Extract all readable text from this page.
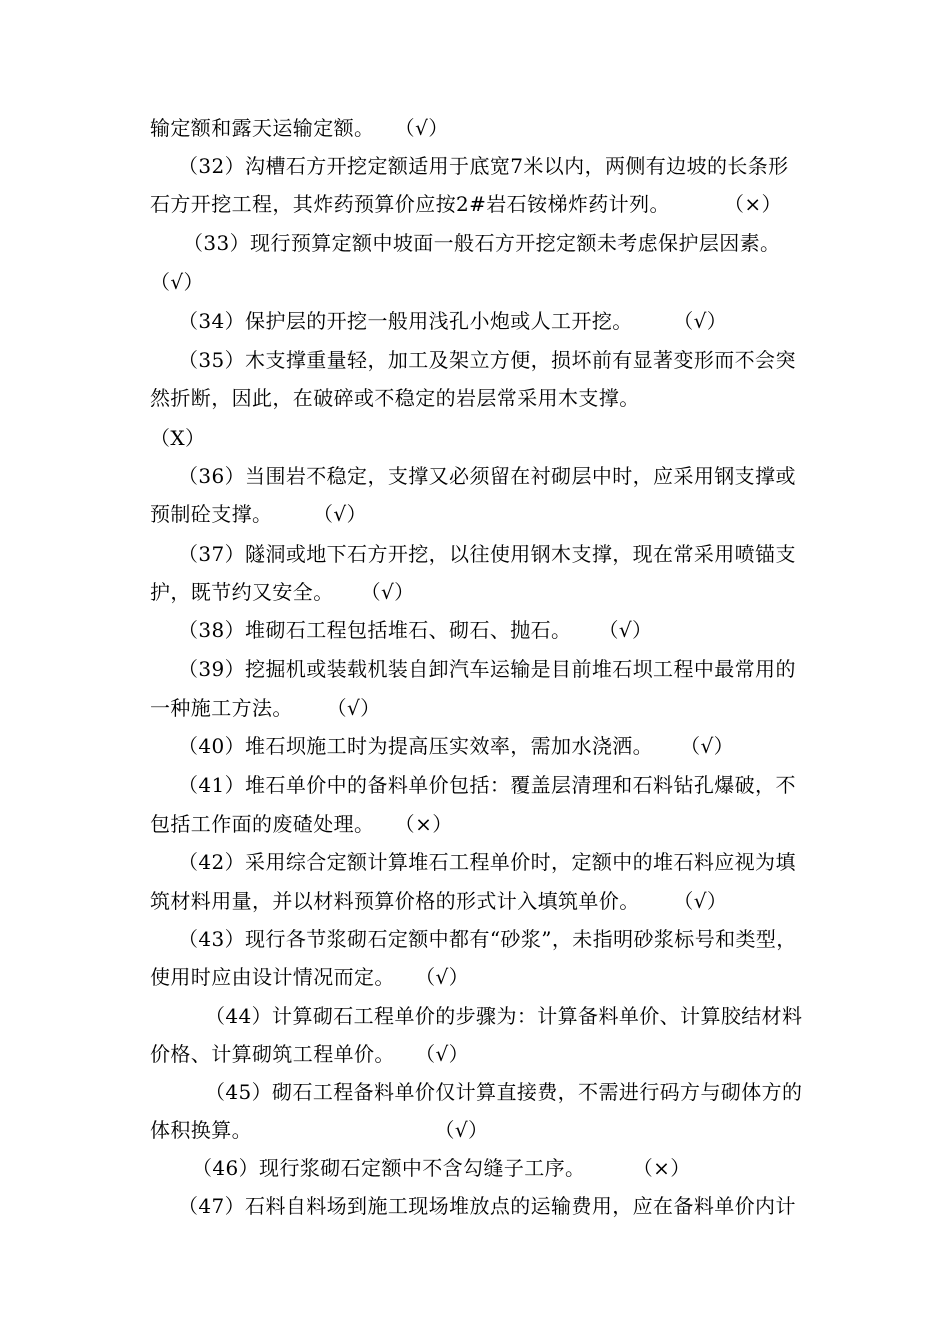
输定额和露天运输定额。   （√）
（32）沟槽石方开挖定额适用于底宽7米以内，两侧有边坡的长条形
石方开挖工程，其炸药预算价应按2#岩石铵梯炸药计列。        （×）
（33）现行预算定额中坡面一般石方开挖定额未考虑保护层因素。
（√）
（34）保护层的开挖一般用浅孔小炮或人工开挖。      （√）
（35）木支撑重量轻，加工及架立方便，损坏前有显著变形而不会突
然折断，因此，在破碎或不稳定的岩层常采用木支撑。
（X）
（36）当围岩不稳定，支撑又必须留在衬砌层中时，应采用钢支撑或
预制砼支撑。      （√）
（37）隧洞或地下石方开挖，以往使用钢木支撑，现在常采用喷锚支
护，既节约又安全。    （√）
（38）堆砌石工程包括堆石、砌石、抛石。    （√）
（39）挖掘机或装载机装自卸汽车运输是目前堆石坝工程中最常用的
一种施工方法。     （√）
（40）堆石坝施工时为提高压实效率，需加水浇洒。    （√）
（41）堆石单价中的备料单价包括：覆盖层清理和石料钻孔爆破，不
包括工作面的废碴处理。   （×）
（42）采用综合定额计算堆石工程单价时，定额中的堆石料应视为填
筑材料用量，并以材料预算价格的形式计入填筑单价。     （√）
（43）现行各节浆砌石定额中都有“砂浆”，未指明砂浆标号和类型，
使用时应由设计情况而定。   （√）
（44）计算砌石工程单价的步骤为：计算备料单价、计算胶结材料
价格、计算砌筑工程单价。   （√）
（45）砌石工程备料单价仅计算直接费，不需进行码方与砌体方的
体积换算。                           （√）
（46）现行浆砌石定额中不含勾缝子工序。       （×）
（47）石料自料场到施工现场堆放点的运输费用，应在备料单价内计
